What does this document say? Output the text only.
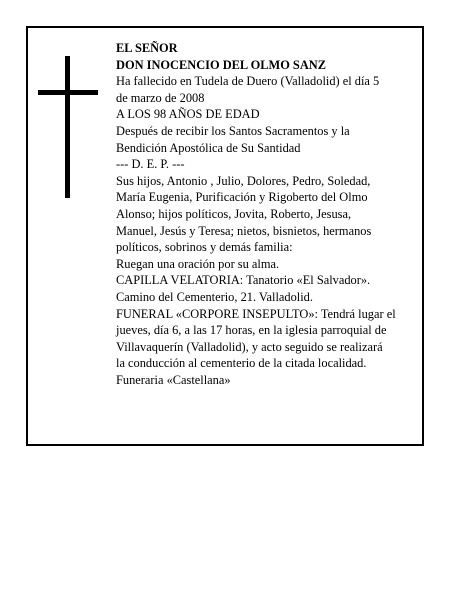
EL SEÑOR

DON INOCENCIO DEL OLMO SANZ

Ha fallecido en Tudela de Duero (Valladolid) el día 5

de marzo de 2008

A LOS 98 AÑOS DE EDAD

Después de recibir los Santos Sacramentos y la

Bendición Apostólica de Su Santidad

--- D. E. P. ---

Sus hijos, Antonio , Julio, Dolores, Pedro, Soledad,

María Eugenia, Purificación y Rigoberto del Olmo

Alonso; hijos políticos, Jovita, Roberto, Jesusa,

Manuel, Jesús y Teresa; nietos, bisnietos, hermanos

políticos, sobrinos y demás familia:

Ruegan una oración por su alma.

CAPILLA VELATORIA: Tanatorio «El Salvador».

Camino del Cementerio, 21. Valladolid.

FUNERAL «CORPORE INSEPULTO»: Tendrá lugar el

jueves, día 6, a las 17 horas, en la iglesia parroquial de

Villavaquerín (Valladolid), y acto seguido se realizará

la conducción al cementerio de la citada localidad.

Funeraria «Castellana»
